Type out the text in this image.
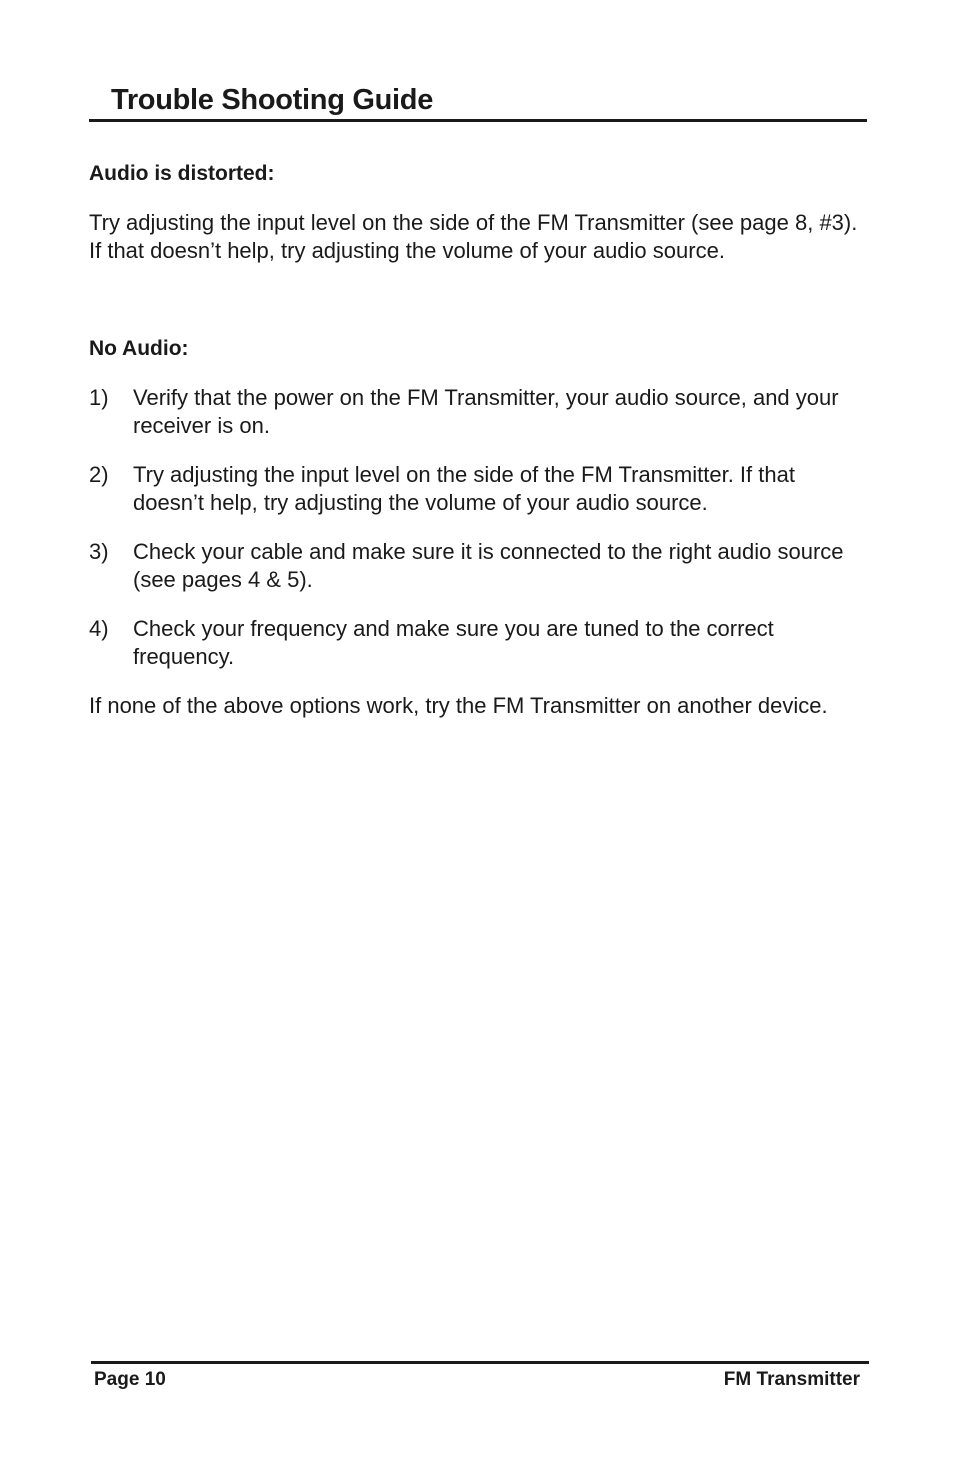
Trouble Shooting Guide
Audio is distorted:

Try adjusting the input level on the side of the FM Transmitter (see page 8, #3). If that doesn’t help, try adjusting the volume of your audio source.

No Audio:
1)	Verify that the power on the FM Transmitter, your audio source, and your receiver is on.
2)	Try adjusting the input level on the side of the FM Transmitter. If that doesn’t help, try adjusting the volume of your audio source.
3)	Check your cable and make sure it is connected to the right audio source (see pages 4 & 5).
4)	Check your frequency and make sure you are tuned to the correct frequency.

If none of the above options work, try the FM Transmitter on another device.

Page 10	FM Transmitter
